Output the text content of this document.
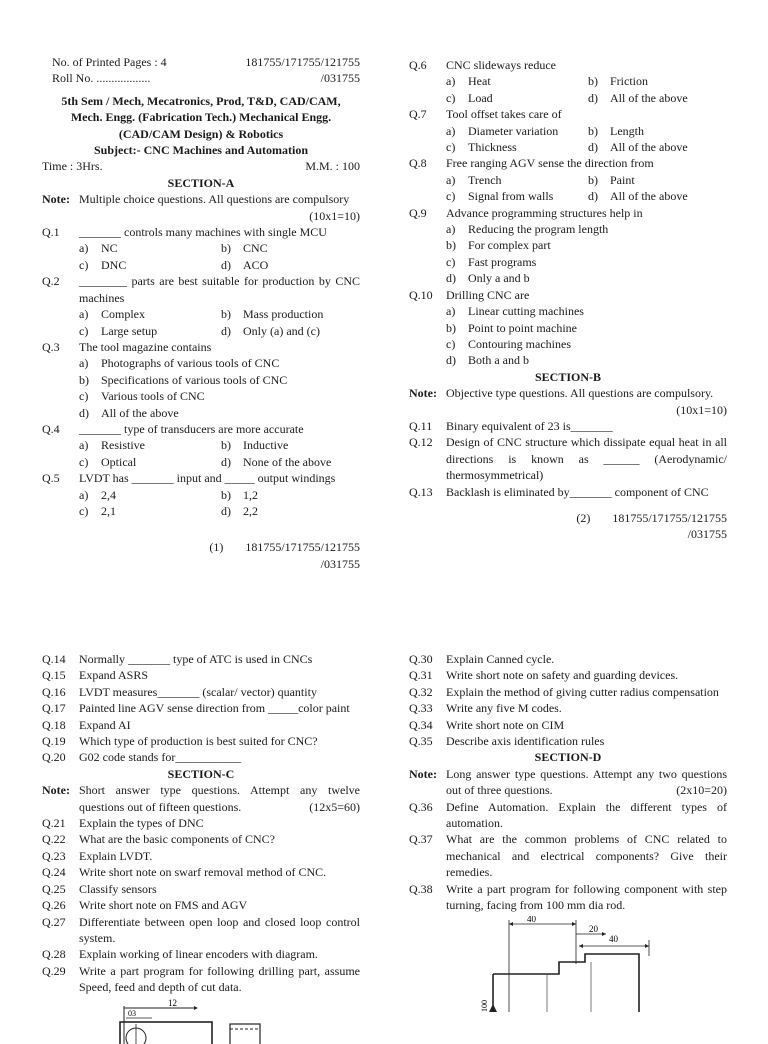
No. of Printed Pages : 4	181755/171755/121755
Roll No. ..................	/031755
5th Sem / Mech, Mecatronics, Prod, T&D, CAD/CAM,
Mech. Engg. (Fabrication Tech.) Mechanical Engg.
(CAD/CAM Design) & Robotics
Subject:- CNC Machines and Automation
Time : 3Hrs.	M.M. : 100
SECTION-A
Note: Multiple choice questions. All questions are compulsory
(10x1=10)
Q.1	_______ controls many machines with single MCU
a)	NC	b)	CNC
c)	DNC	d)	ACO
Q.2	________ parts are best suitable for production by CNC machines
a)	Complex	b)	Mass production
c)	Large setup	d)	Only (a) and (c)
Q.3	The tool magazine contains
a)	Photographs of various tools of CNC
b)	Specifications of various tools of CNC
c)	Various tools of CNC
d)	All of the above
Q.4	_______ type of transducers are more accurate
a)	Resistive	b)	Inductive
c)	Optical	d)	None of the above
Q.5	LVDT has _______ input and _____ output windings
a)	2,4	b)	1,2
c)	2,1	d)	2,2
(1) 181755/171755/121755
/031755
Q.6	CNC slideways reduce
a)	Heat	b)	Friction
c)	Load	d)	All of the above
Q.7	Tool offset takes care of
a)	Diameter variation b)	Length
c)	Thickness	d)	All of the above
Q.8	Free ranging AGV sense the direction from
a)	Trench	b)	Paint
c)	Signal from walls	d)	All of the above
Q.9	Advance programming structures help in
a)	Reducing the program length
b)	For complex part
c)	Fast programs
d)	Only a and b
Q.10	Drilling CNC are
a)	Linear cutting machines
b)	Point to point machine
c)	Contouring machines
d)	Both a and b
SECTION-B
Note: Objective type questions. All questions are compulsory.
(10x1=10)
Q.11	Binary equivalent of 23 is_______
Q.12	Design of CNC structure which dissipate equal heat in all directions is known as ______ (Aerodynamic/ thermosymmetrical)
Q.13	Backlash is eliminated by_______ component of CNC
(2) 181755/171755/121755
/031755
Q.14	Normally _______ type of ATC is used in CNCs
Q.15	Expand ASRS
Q.16	LVDT measures_______ (scalar/ vector) quantity
Q.17	Painted line AGV sense direction from _____color paint
Q.18	Expand AI
Q.19	Which type of production is best suited for CNC?
Q.20	G02 code stands for___________
SECTION-C
Note: Short answer type questions. Attempt any twelve questions out of fifteen questions.	(12x5=60)
Q.21	Explain the types of DNC
Q.22	What are the basic components of CNC?
Q.23	Explain LVDT.
Q.24	Write short note on swarf removal method of CNC.
Q.25	Classify sensors
Q.26	Write short note on FMS and AGV
Q.27	Differentiate between open loop and closed loop control system.
Q.28	Explain working of linear encoders with diagram.
Q.29	Write a part program for following drilling part, assume Speed, feed and depth of cut data.
12
03
Q.30	Explain Canned cycle.
Q.31	Write short note on safety and guarding devices.
Q.32	Explain the method of giving cutter radius compensation
Q.33	Write any five M codes.
Q.34	Write short note on CIM
Q.35	Describe axis identification rules
SECTION-D
Note: Long answer type questions. Attempt any two questions out of three questions.	(2x10=20)
Q.36	Define Automation. Explain the different types of automation.
Q.37	What are the common problems of CNC related to mechanical and electrical components? Give their remedies.
Q.38	Write a part program for following component with step turning, facing from 100 mm dia rod.
40
20
40
100
